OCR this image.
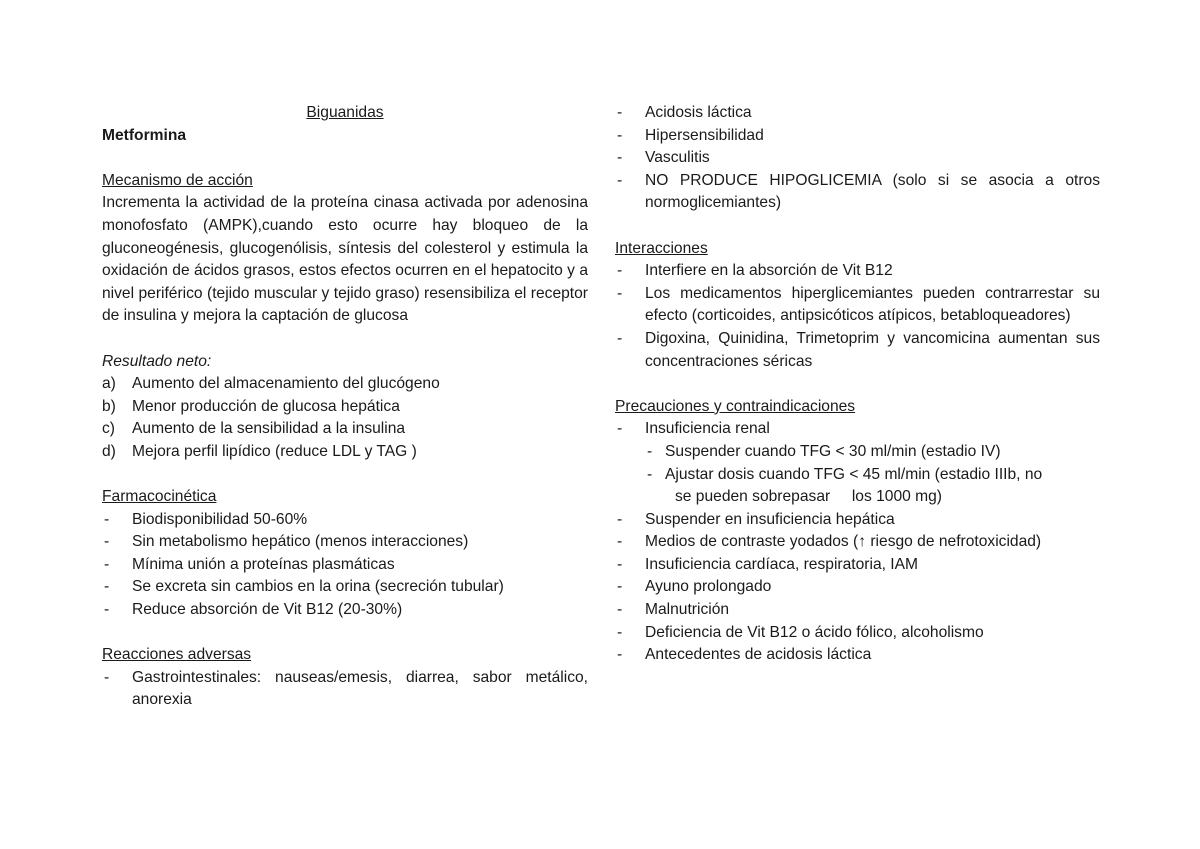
Biguanidas

Metformina

Mecanismo de acción

Incrementa la actividad de la proteína cinasa activada por adenosina monofosfato (AMPK),cuando esto ocurre hay bloqueo de la gluconeogénesis, glucogenólisis, síntesis del colesterol y estimula la oxidación de ácidos grasos, estos efectos ocurren en el hepatocito y a nivel periférico (tejido muscular y tejido graso) resensibiliza el receptor de insulina y mejora la captación de glucosa

Resultado neto:

a) Aumento del almacenamiento del glucógeno
b) Menor producción de glucosa hepática
c) Aumento de la sensibilidad a la insulina
d) Mejora perfil lipídico (reduce LDL y TAG )

Farmacocinética

- Biodisponibilidad 50-60%
- Sin metabolismo hepático (menos interacciones)
- Mínima unión a proteínas plasmáticas
- Se excreta sin cambios en la orina (secreción tubular)
- Reduce absorción de Vit B12 (20-30%)

Reacciones adversas

- Gastrointestinales: nauseas/emesis, diarrea, sabor metálico, anorexia
- Acidosis láctica
- Hipersensibilidad
- Vasculitis
- NO PRODUCE HIPOGLICEMIA (solo si se asocia a otros normoglicemiantes)

Interacciones

- Interfiere en la absorción de Vit B12
- Los medicamentos hiperglicemiantes pueden contrarrestar su efecto (corticoides, antipsicóticos atípicos, betabloqueadores)
- Digoxina, Quinidina, Trimetoprim y vancomicina aumentan sus concentraciones séricas

Precauciones y contraindicaciones

- Insuficiencia renal
- Suspender cuando TFG < 30 ml/min (estadio IV)
- Ajustar dosis cuando TFG < 45 ml/min (estadio IIIb, no
se pueden sobrepasar     los 1000 mg)
- Suspender en insuficiencia hepática
- Medios de contraste yodados (↑ riesgo de nefrotoxicidad)
- Insuficiencia cardíaca, respiratoria, IAM
- Ayuno prolongado
- Malnutrición
- Deficiencia de Vit B12 o ácido fólico, alcoholismo
- Antecedentes de acidosis láctica
